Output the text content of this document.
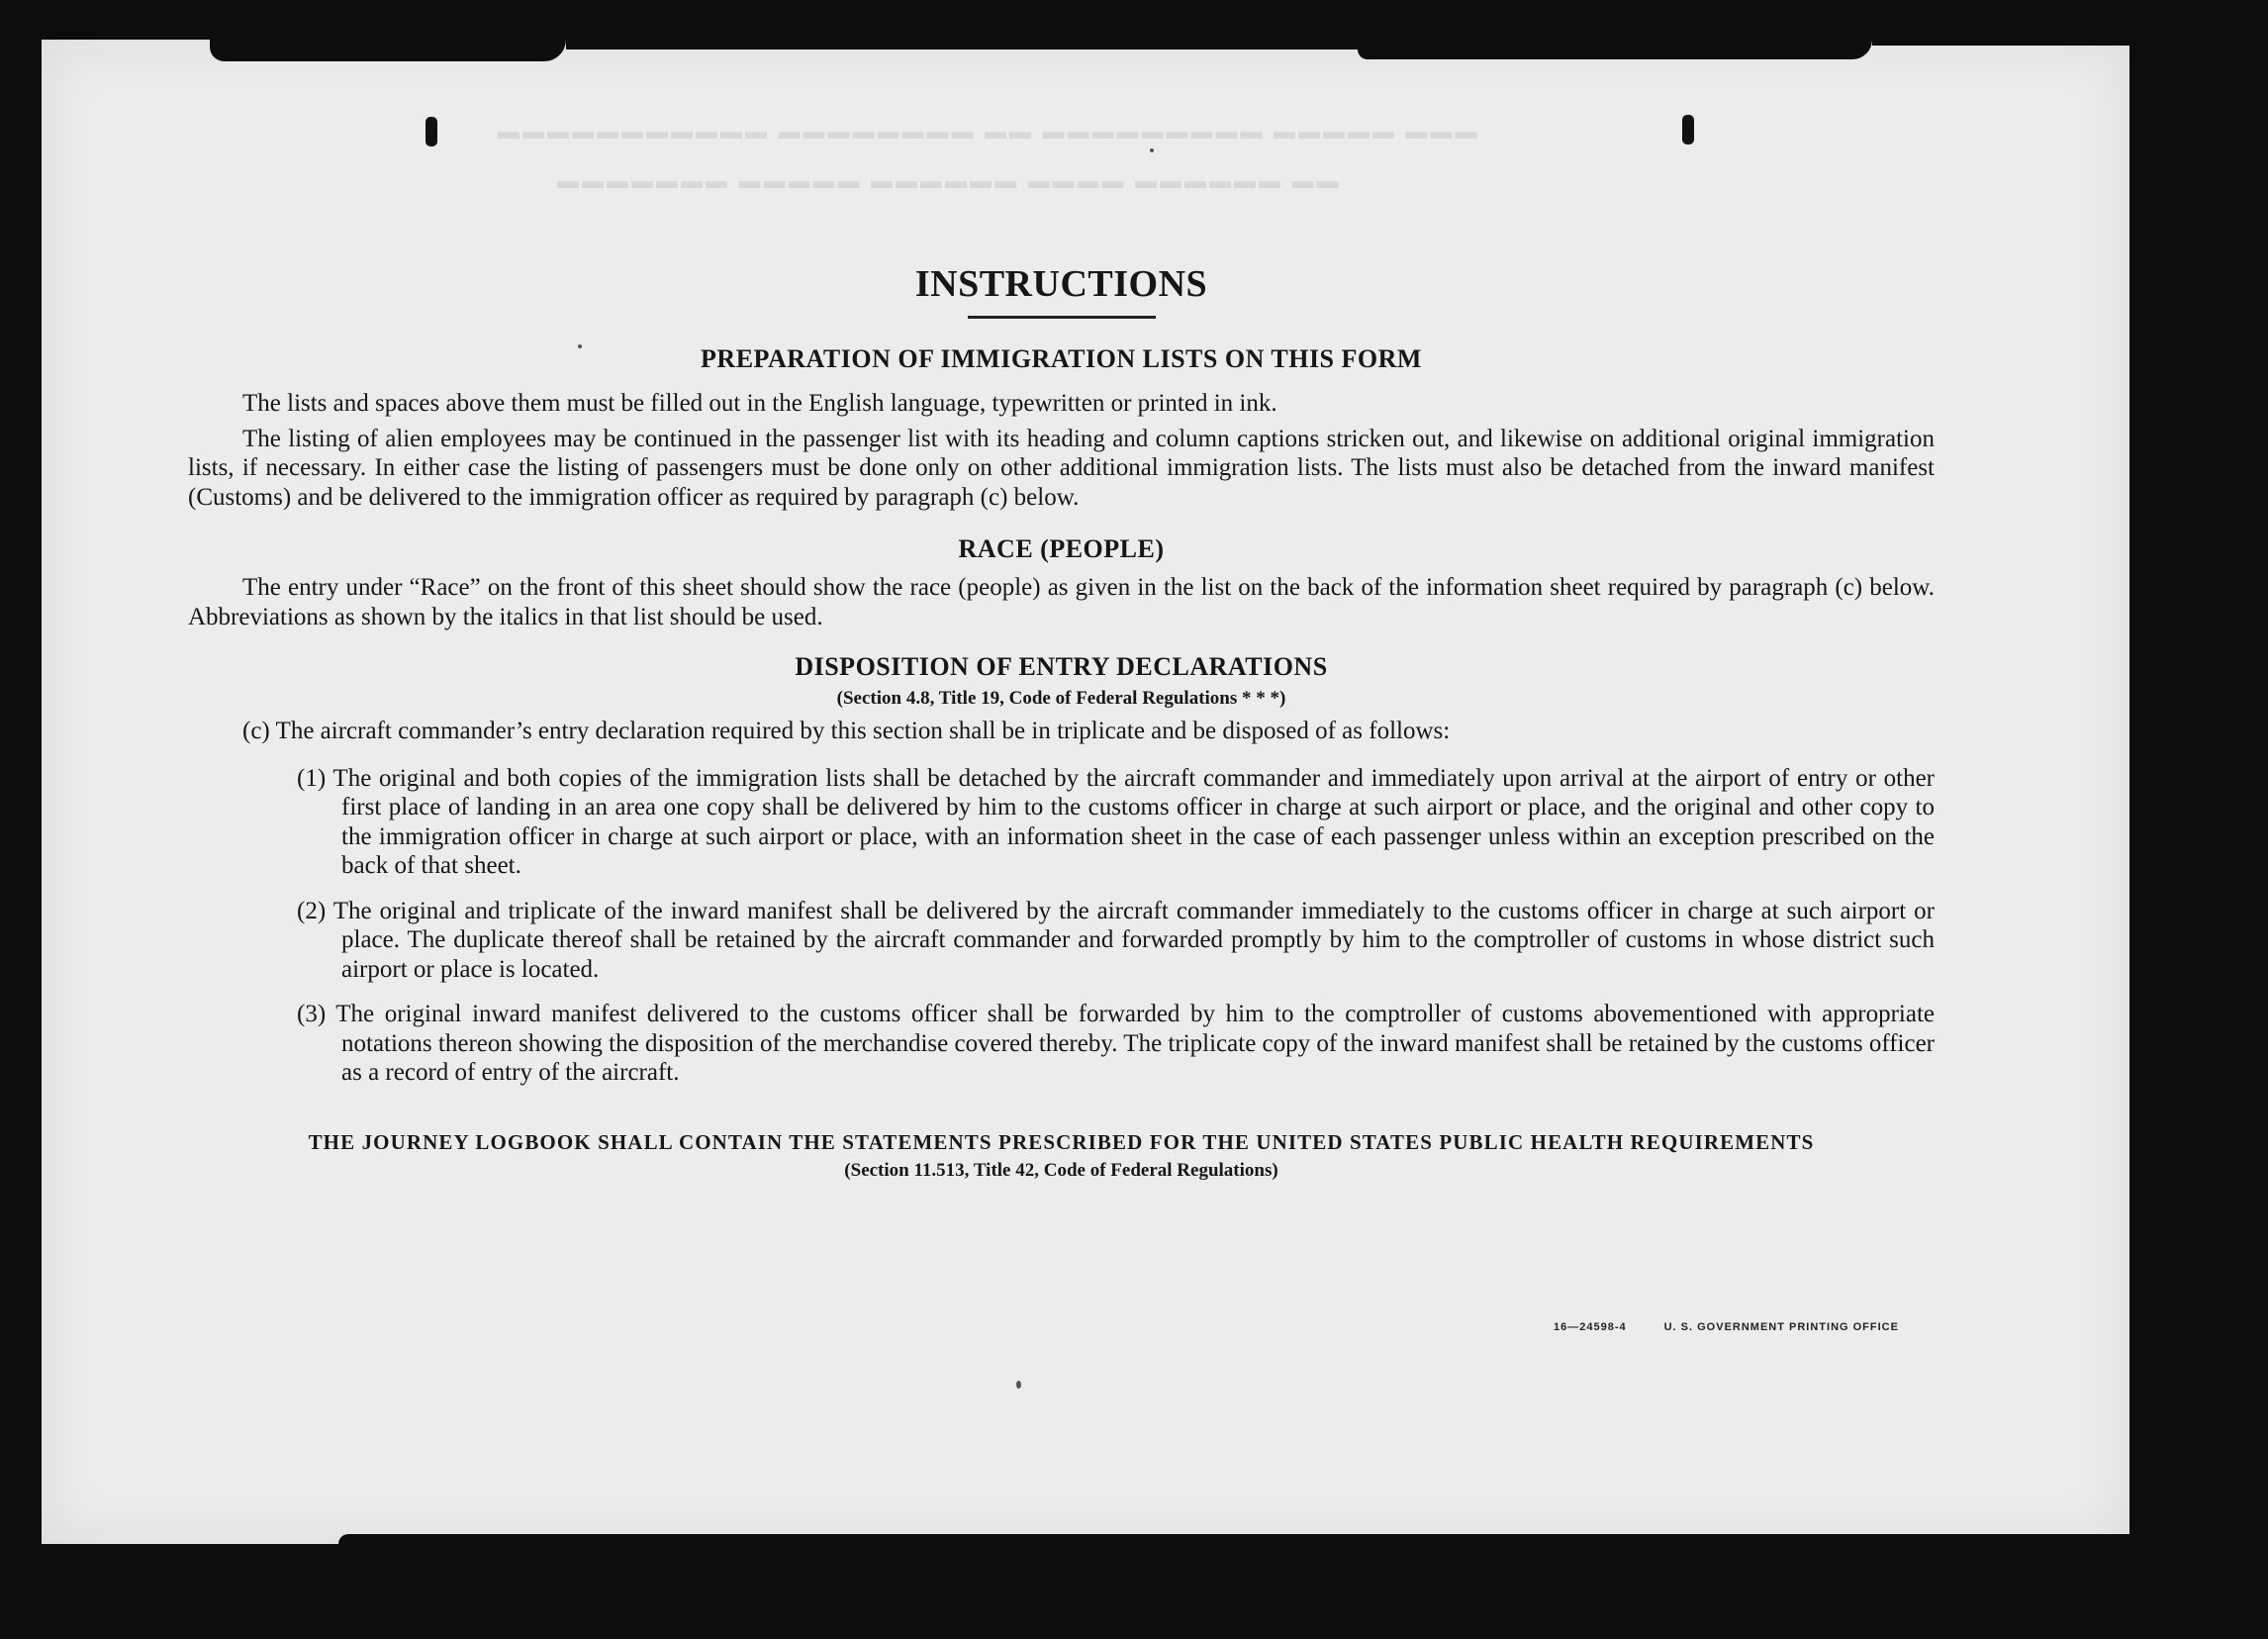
▬▬▬ ▬▬▬▬▬ ▬▬▬▬▬▬▬▬▬ ▬▬ ▬▬▬▬▬▬▬▬ ▬▬▬▬▬▬▬▬▬▬▬
▬▬ ▬▬▬▬▬▬ ▬▬▬▬ ▬▬▬▬▬▬ ▬▬▬▬▬ ▬▬▬▬▬▬▬
INSTRUCTIONS
PREPARATION OF IMMIGRATION LISTS ON THIS FORM

The lists and spaces above them must be filled out in the English language, typewritten or printed in ink.

The listing of alien employees may be continued in the passenger list with its heading and column captions stricken out, and likewise on additional original immigration lists, if necessary. In either case the listing of passengers must be done only on other additional immigration lists. The lists must also be detached from the inward manifest (Customs) and be delivered to the immigration officer as required by paragraph (c) below.

RACE (PEOPLE)

The entry under “Race” on the front of this sheet should show the race (people) as given in the list on the back of the information sheet required by paragraph (c) below. Abbreviations as shown by the italics in that list should be used.

DISPOSITION OF ENTRY DECLARATIONS
(Section 4.8, Title 19, Code of Federal Regulations * * *)

(c) The aircraft commander’s entry declaration required by this section shall be in triplicate and be disposed of as follows:

(1) The original and both copies of the immigration lists shall be detached by the aircraft commander and immediately upon arrival at the airport of entry or other first place of landing in an area one copy shall be delivered by him to the customs officer in charge at such airport or place, and the original and other copy to the immigration officer in charge at such airport or place, with an information sheet in the case of each passenger unless within an exception prescribed on the back of that sheet.

(2) The original and triplicate of the inward manifest shall be delivered by the aircraft commander immediately to the customs officer in charge at such airport or place. The duplicate thereof shall be retained by the aircraft commander and forwarded promptly by him to the comptroller of customs in whose district such airport or place is located.

(3) The original inward manifest delivered to the customs officer shall be forwarded by him to the comptroller of customs abovementioned with appropriate notations thereon showing the disposition of the merchandise covered thereby. The triplicate copy of the inward manifest shall be retained by the customs officer as a record of entry of the aircraft.

THE JOURNEY LOGBOOK SHALL CONTAIN THE STATEMENTS PRESCRIBED FOR THE UNITED STATES PUBLIC HEALTH REQUIREMENTS
(Section 11.513, Title 42, Code of Federal Regulations)
16—24598-4	U. S. GOVERNMENT PRINTING OFFICE
